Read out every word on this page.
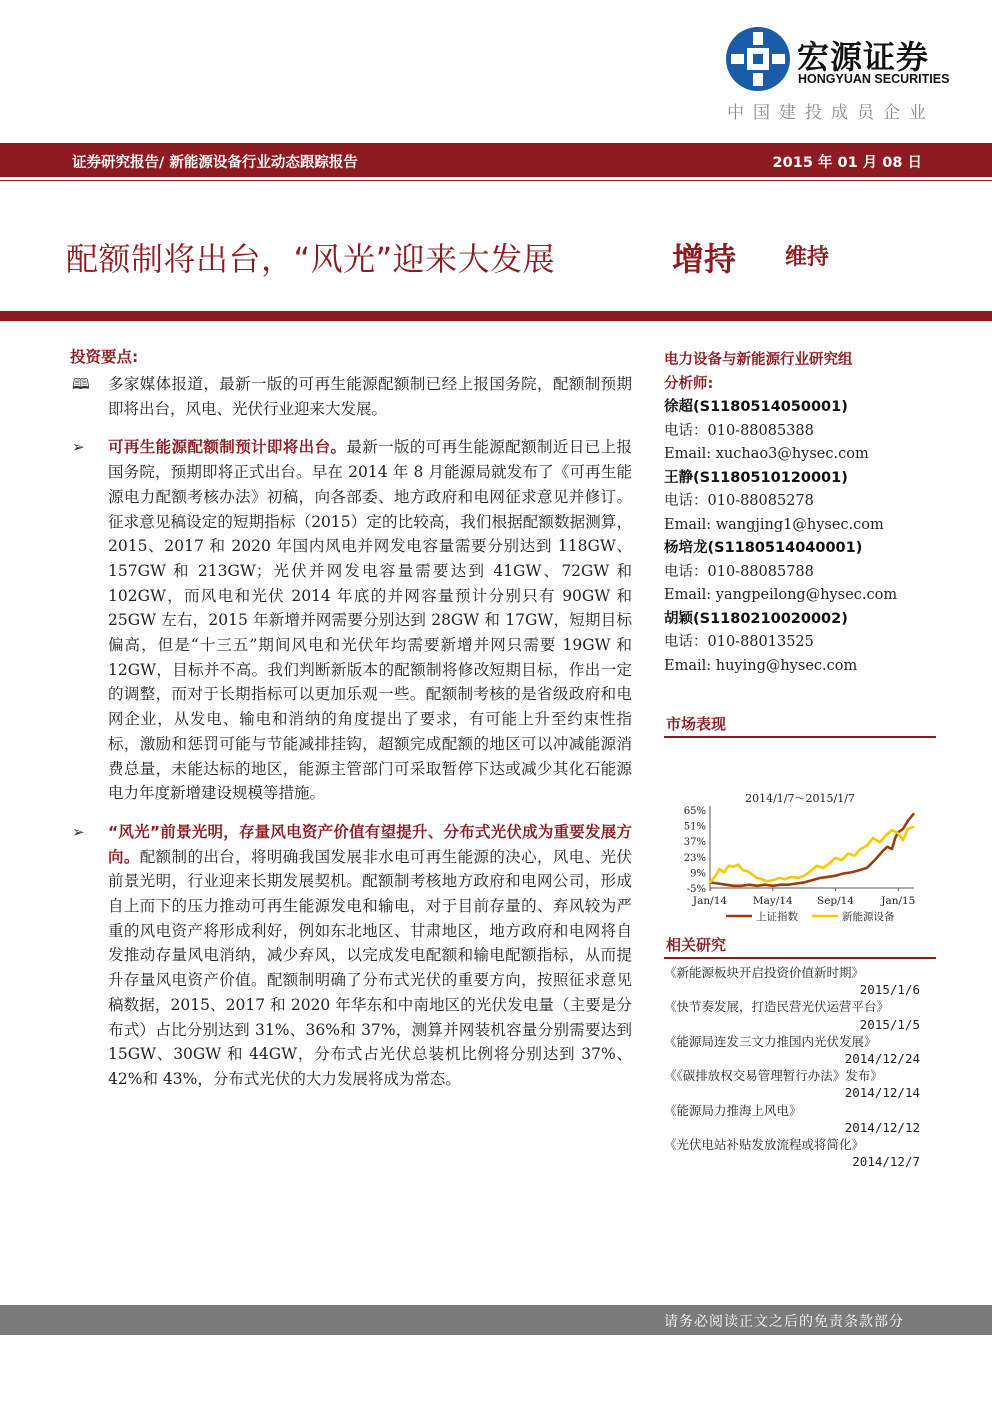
宏源证券
HONGYUAN SECURITIES
中国建投成员企业
证券研究报告/ 新能源设备行业动态跟踪报告	2015 年 01 月 08 日
配额制将出台，“风光”迎来大发展	增持 维持
投资要点:
🕮 多家媒体报道，最新一版的可再生能源配额制已经上报国务院，配额制预期即将出台，风电、光伏行业迎来大发展。
➢ 可再生能源配额制预计即将出台。最新一版的可再生能源配额制近日已上报国务院，预期即将正式出台。早在 2014 年 8 月能源局就发布了《可再生能源电力配额考核办法》初稿，向各部委、地方政府和电网征求意见并修订。征求意见稿设定的短期指标（2015）定的比较高，我们根据配额数据测算，2015、2017 和 2020 年国内风电并网发电容量需要分别达到 118GW、157GW 和 213GW；光伏并网发电容量需要达到 41GW、72GW 和 102GW，而风电和光伏 2014 年底的并网容量预计分别只有 90GW 和 25GW 左右，2015 年新增并网需要分别达到 28GW 和 17GW，短期目标偏高，但是“十三五”期间风电和光伏年均需要新增并网只需要 19GW 和 12GW，目标并不高。我们判断新版本的配额制将修改短期目标，作出一定的调整，而对于长期指标可以更加乐观一些。配额制考核的是省级政府和电网企业，从发电、输电和消纳的角度提出了要求，有可能上升至约束性指标，激励和惩罚可能与节能减排挂钩，超额完成配额的地区可以冲减能源消费总量，未能达标的地区，能源主管部门可采取暂停下达或减少其化石能源电力年度新增建设规模等措施。
➢ “风光”前景光明，存量风电资产价值有望提升、分布式光伏成为重要发展方向。配额制的出台，将明确我国发展非水电可再生能源的决心，风电、光伏前景光明，行业迎来长期发展契机。配额制考核地方政府和电网公司，形成自上而下的压力推动可再生能源发电和输电，对于目前存量的、弃风较为严重的风电资产将形成利好，例如东北地区、甘肃地区，地方政府和电网将自发推动存量风电消纳，减少弃风，以完成发电配额和输电配额指标，从而提升存量风电资产价值。配额制明确了分布式光伏的重要方向，按照征求意见稿数据，2015、2017 和 2020 年华东和中南地区的光伏发电量（主要是分布式）占比分别达到 31%、36%和 37%，测算并网装机容量分别需要达到 15GW、30GW 和 44GW，分布式占光伏总装机比例将分别达到 37%、42%和 43%，分布式光伏的大力发展将成为常态。
电力设备与新能源行业研究组
分析师:
徐超(S1180514050001)
电话：010-88085388
Email: xuchao3@hysec.com
王静(S1180510120001)
电话：010-88085278
Email: wangjing1@hysec.com
杨培龙(S1180514040001)
电话：010-88085788
Email: yangpeilong@hysec.com
胡颖(S1180210020002)
电话：010-88013525
Email: huying@hysec.com
市场表现
2014/1/7～2015/1/7
65%
51%
37%
23%
9%
-5%
Jan/14 May/14 Sep/14	Jan/15
上证指数	新能源设备
相关研究
《新能源板块开启投资价值新时期》
2015/1/6
《快节奏发展，打造民营光伏运营平台》
2015/1/5
《能源局连发三文力推国内光伏发展》
2014/12/24
《《碳排放权交易管理暂行办法》发布》
2014/12/14
《能源局力推海上风电》
2014/12/12
《光伏电站补贴发放流程或将简化》
2014/12/7
请务必阅读正文之后的免责条款部分
